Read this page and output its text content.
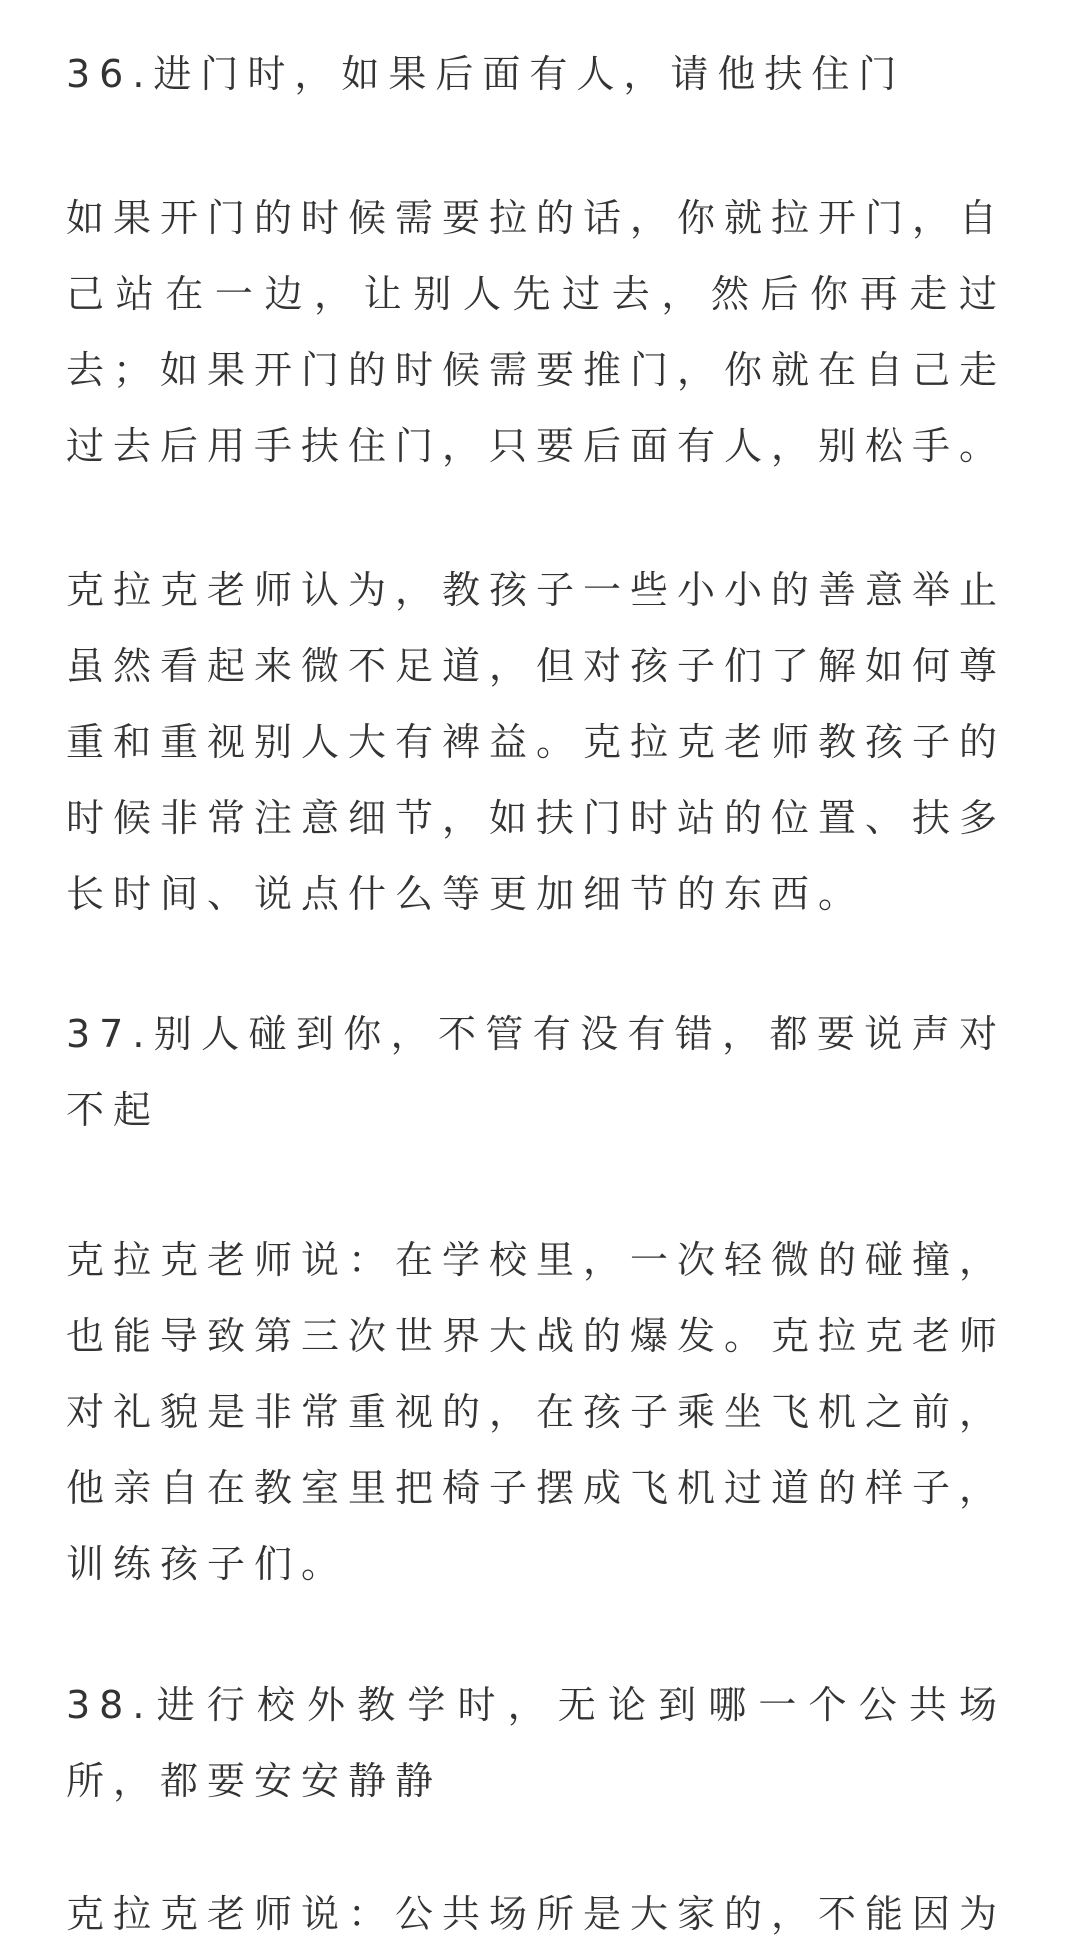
36.进门时，如果后面有人，请他扶住门

如果开门的时候需要拉的话，你就拉开门，自己站在一边，让别人先过去，然后你再走过去；如果开门的时候需要推门，你就在自己走过去后用手扶住门，只要后面有人，别松手。

克拉克老师认为，教孩子一些小小的善意举止虽然看起来微不足道，但对孩子们了解如何尊重和重视别人大有裨益。克拉克老师教孩子的时候非常注意细节，如扶门时站的位置、扶多长时间、说点什么等更加细节的东西。

37.别人碰到你，不管有没有错，都要说声对不起

克拉克老师说：在学校里，一次轻微的碰撞，也能导致第三次世界大战的爆发。克拉克老师对礼貌是非常重视的，在孩子乘坐飞机之前，他亲自在教室里把椅子摆成飞机过道的样子，训练孩子们。

38.进行校外教学时，无论到哪一个公共场所，都要安安静静

克拉克老师说：公共场所是大家的，不能因为
